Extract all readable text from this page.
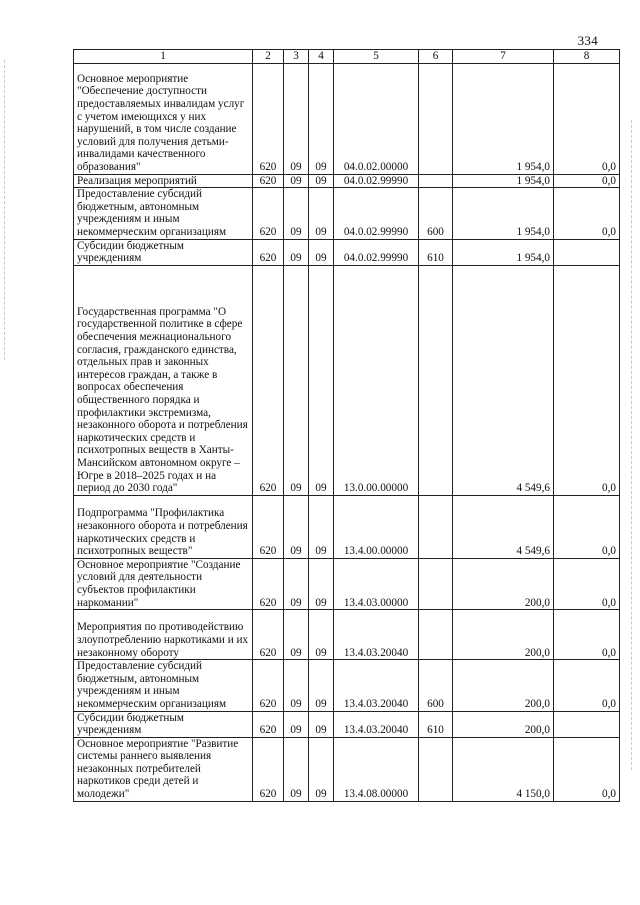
334
1	2	3	4	5	6	7	8
Основное мероприятие "Обеспечение доступности предоставляемых инвалидам услуг с учетом имеющихся у них нарушений, в том числе создание условий для получения детьми-инвалидами качественного образования"	620	09	09	04.0.02.00000		1 954,0	0,0
Реализация мероприятий	620	09	09	04.0.02.99990		1 954,0	0,0
Предоставление субсидий бюджетным, автономным учреждениям и иным некоммерческим организациям	620	09	09	04.0.02.99990	600	1 954,0	0,0
Субсидии бюджетным учреждениям	620	09	09	04.0.02.99990	610	1 954,0	
Государственная программа "О государственной политике в сфере обеспечения межнационального согласия, гражданского единства, отдельных прав и законных интересов граждан, а также в вопросах обеспечения общественного порядка и профилактики экстремизма, незаконного оборота и потребления наркотических средств и психотропных веществ в Ханты-Мансийском автономном округе – Югре в 2018–2025 годах и на период до 2030 года"	620	09	09	13.0.00.00000		4 549,6	0,0
Подпрограмма "Профилактика незаконного оборота и потребления наркотических средств и психотропных веществ"	620	09	09	13.4.00.00000		4 549,6	0,0
Основное мероприятие "Создание условий для деятельности субъектов профилактики наркомании"	620	09	09	13.4.03.00000		200,0	0,0
Мероприятия по противодействию злоупотреблению наркотиками и их незаконному обороту	620	09	09	13.4.03.20040		200,0	0,0
Предоставление субсидий бюджетным, автономным учреждениям и иным некоммерческим организациям	620	09	09	13.4.03.20040	600	200,0	0,0
Субсидии бюджетным учреждениям	620	09	09	13.4.03.20040	610	200,0	
Основное мероприятие "Развитие системы раннего выявления незаконных потребителей наркотиков среди детей и молодежи"	620	09	09	13.4.08.00000		4 150,0	0,0
